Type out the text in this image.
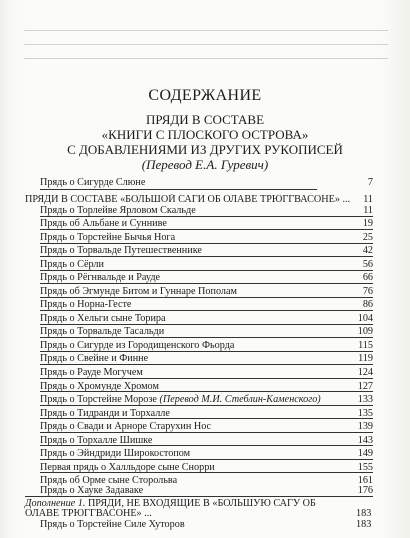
СОДЕРЖАНИЕ
ПРЯДИ В СОСТАВЕ
«КНИГИ С ПЛОСКОГО ОСТРОВА»
С ДОБАВЛЕНИЯМИ ИЗ ДРУГИХ РУКОПИСЕЙ
(Перевод Е.А. Гуревич)
Прядь о Сигурде Слюне	7
ПРЯДИ В СОСТАВЕ «БОЛЬШОЙ САГИ ОБ ОЛАВЕ ТРЮГГВАСОНЕ» ... 11
Прядь о Торлейве Ярловом Скальде	11
Прядь об Альбане и Сунниве	19
Прядь о Торстейне Бычья Нога	25
Прядь о Торвальде Путешественнике	42
Прядь о Сёрли	56
Прядь о Рёгнвальде и Рауде	66
Прядь об Эгмунде Битом и Гуннаре Пополам	76
Прядь о Норна-Гесте	86
Прядь о Хельги сыне Торира	104
Прядь о Торвальде Тасальди	109
Прядь о Сигурде из Городищенского Фьорда	115
Прядь о Свейне и Финне	119
Прядь о Рауде Могучем	124
Прядь о Хромунде Хромом	127
Прядь о Торстейне Морозе (Перевод М.И. Стеблин-Каменского)	133
Прядь о Тидранди и Торхалле	135
Прядь о Свади и Арноре Старухин Нос	139
Прядь о Торхалле Шишке	143
Прядь о Эйндриди Широкостопом	149
Первая прядь о Халльдоре сыне Снорри	155
Прядь об Орме сыне Сторольва	161
Прядь о Хауке Задаваке	176
Дополнение 1. ПРЯДИ, НЕ ВХОДЯЩИЕ В «БОЛЬШУЮ САГУ ОБ
ОЛАВЕ ТРЮГГВАСОНЕ» ...	183
Прядь о Торстейне Силе Хуторов	183
